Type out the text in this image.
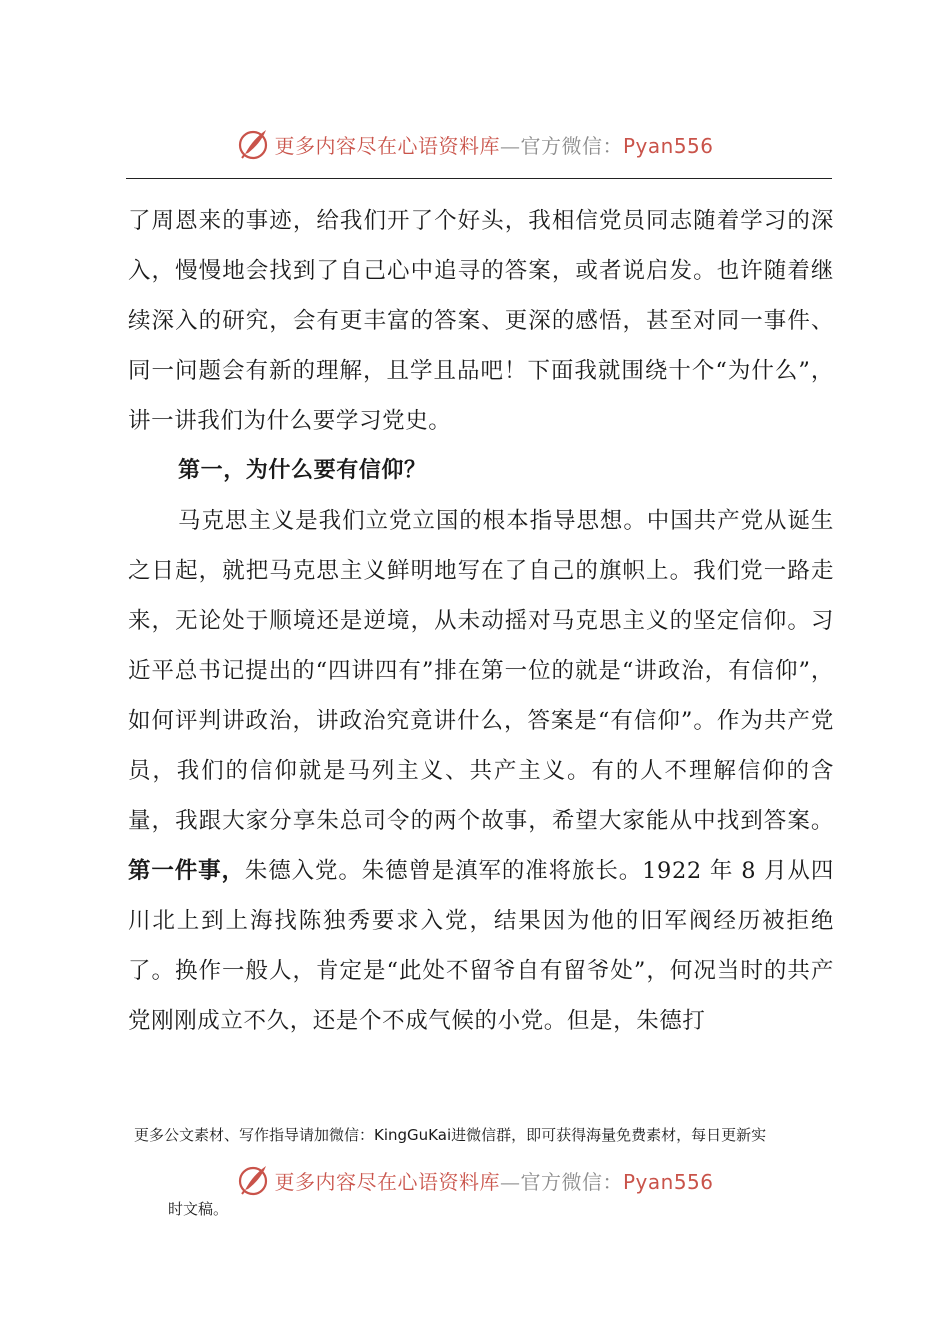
更多内容尽在心语资料库—官方微信：Pyan556

了周恩来的事迹，给我们开了个好头，我相信党员同志随着学习的深入，慢慢地会找到了自己心中追寻的答案，或者说启发。也许随着继续深入的研究，会有更丰富的答案、更深的感悟，甚至对同一事件、同一问题会有新的理解，且学且品吧！下面我就围绕十个“为什么”，讲一讲我们为什么要学习党史。

第一，为什么要有信仰？

马克思主义是我们立党立国的根本指导思想。中国共产党从诞生之日起，就把马克思主义鲜明地写在了自己的旗帜上。我们党一路走来，无论处于顺境还是逆境，从未动摇对马克思主义的坚定信仰。习近平总书记提出的“四讲四有”排在第一位的就是“讲政治，有信仰”，如何评判讲政治，讲政治究竟讲什么，答案是“有信仰”。作为共产党员，我们的信仰就是马列主义、共产主义。有的人不理解信仰的含量，我跟大家分享朱总司令的两个故事，希望大家能从中找到答案。第一件事，朱德入党。朱德曾是滇军的准将旅长。1922 年 8 月从四川北上到上海找陈独秀要求入党，结果因为他的旧军阀经历被拒绝了。换作一般人，肯定是“此处不留爷自有留爷处”，何况当时的共产党刚刚成立不久，还是个不成气候的小党。但是，朱德打

更多公文素材、写作指导请加微信：KingGuKai进微信群，即可获得海量免费素材，每日更新实
更多内容尽在心语资料库—官方微信：Pyan556
时文稿。
